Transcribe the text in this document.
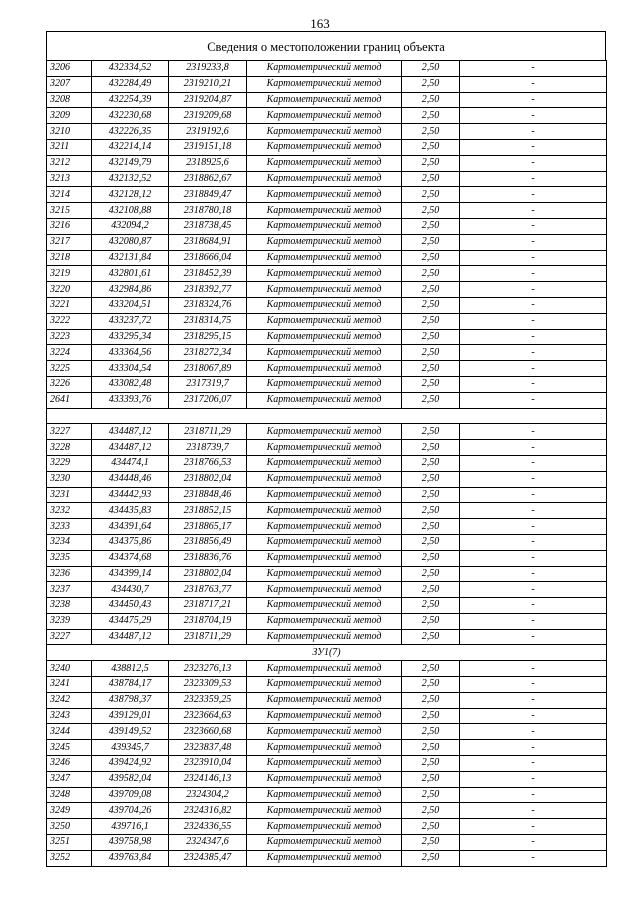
163
Сведения о местоположении границ объекта
3206	432334,52	2319233,8	Картометрический метод	2,50	-
3207	432284,49	2319210,21	Картометрический метод	2,50	-
3208	432254,39	2319204,87	Картометрический метод	2,50	-
3209	432230,68	2319209,68	Картометрический метод	2,50	-
3210	432226,35	2319192,6	Картометрический метод	2,50	-
3211	432214,14	2319151,18	Картометрический метод	2,50	-
3212	432149,79	2318925,6	Картометрический метод	2,50	-
3213	432132,52	2318862,67	Картометрический метод	2,50	-
3214	432128,12	2318849,47	Картометрический метод	2,50	-
3215	432108,88	2318780,18	Картометрический метод	2,50	-
3216	432094,2	2318738,45	Картометрический метод	2,50	-
3217	432080,87	2318684,91	Картометрический метод	2,50	-
3218	432131,84	2318666,04	Картометрический метод	2,50	-
3219	432801,61	2318452,39	Картометрический метод	2,50	-
3220	432984,86	2318392,77	Картометрический метод	2,50	-
3221	433204,51	2318324,76	Картометрический метод	2,50	-
3222	433237,72	2318314,75	Картометрический метод	2,50	-
3223	433295,34	2318295,15	Картометрический метод	2,50	-
3224	433364,56	2318272,34	Картометрический метод	2,50	-
3225	433304,54	2318067,89	Картометрический метод	2,50	-
3226	433082,48	2317319,7	Картометрический метод	2,50	-
2641	433393,76	2317206,07	Картометрический метод	2,50	-

3227	434487,12	2318711,29	Картометрический метод	2,50	-
3228	434487,12	2318739,7	Картометрический метод	2,50	-
3229	434474,1	2318766,53	Картометрический метод	2,50	-
3230	434448,46	2318802,04	Картометрический метод	2,50	-
3231	434442,93	2318848,46	Картометрический метод	2,50	-
3232	434435,83	2318852,15	Картометрический метод	2,50	-
3233	434391,64	2318865,17	Картометрический метод	2,50	-
3234	434375,86	2318856,49	Картометрический метод	2,50	-
3235	434374,68	2318836,76	Картометрический метод	2,50	-
3236	434399,14	2318802,04	Картометрический метод	2,50	-
3237	434430,7	2318763,77	Картометрический метод	2,50	-
3238	434450,43	2318717,21	Картометрический метод	2,50	-
3239	434475,29	2318704,19	Картометрический метод	2,50	-
3227	434487,12	2318711,29	Картометрический метод	2,50	-
ЗУ1(7)					
3240	438812,5	2323276,13	Картометрический метод	2,50	-
3241	438784,17	2323309,53	Картометрический метод	2,50	-
3242	438798,37	2323359,25	Картометрический метод	2,50	-
3243	439129,01	2323664,63	Картометрический метод	2,50	-
3244	439149,52	2323660,68	Картометрический метод	2,50	-
3245	439345,7	2323837,48	Картометрический метод	2,50	-
3246	439424,92	2323910,04	Картометрический метод	2,50	-
3247	439582,04	2324146,13	Картометрический метод	2,50	-
3248	439709,08	2324304,2	Картометрический метод	2,50	-
3249	439704,26	2324316,82	Картометрический метод	2,50	-
3250	439716,1	2324336,55	Картометрический метод	2,50	-
3251	439758,98	2324347,6	Картометрический метод	2,50	-
3252	439763,84	2324385,47	Картометрический метод	2,50	-
